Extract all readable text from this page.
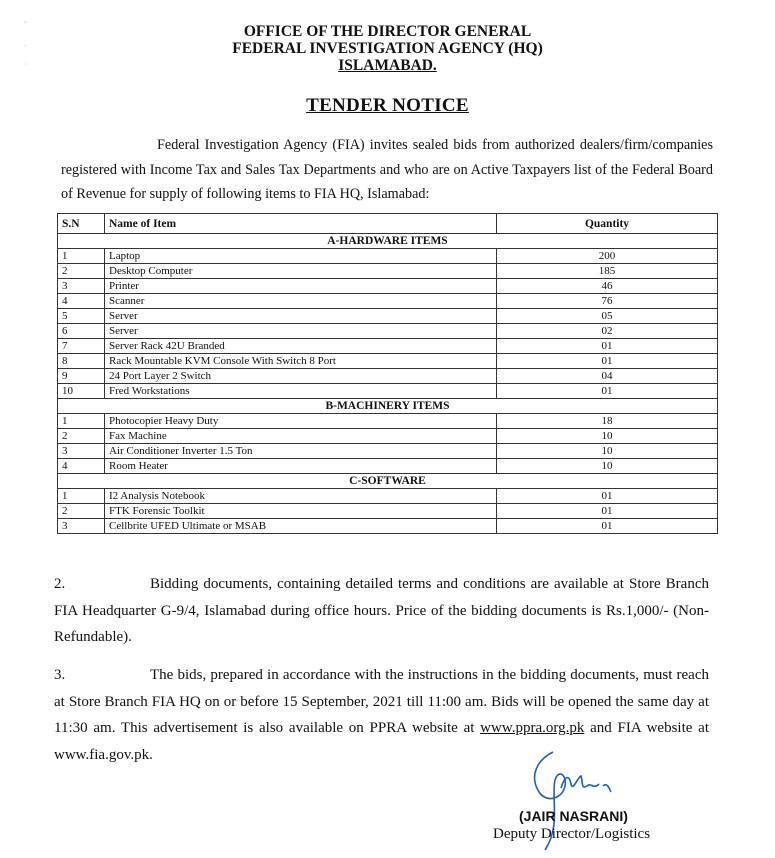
▫
·
·
OFFICE OF THE DIRECTOR GENERAL
FEDERAL INVESTIGATION AGENCY (HQ)
ISLAMABAD.
TENDER NOTICE
Federal Investigation Agency (FIA) invites sealed bids from authorized dealers/firm/companies registered with Income Tax and Sales Tax Departments and who are on Active Taxpayers list of the Federal Board of Revenue for supply of following items to FIA HQ, Islamabad:
S.N	Name of Item	Quantity
A-HARDWARE ITEMS		
1	Laptop	200
2	Desktop Computer	185
3	Printer	46
4	Scanner	76
5	Server	05
6	Server	02
7	Server Rack 42U Branded	01
8	Rack Mountable KVM Console With Switch 8 Port	01
9	24 Port Layer 2 Switch	04
10	Fred Workstations	01
B-MACHINERY ITEMS		
1	Photocopier Heavy Duty	18
2	Fax Machine	10
3	Air Conditioner Inverter 1.5 Ton	10
4	Room Heater	10
C-SOFTWARE		
1	I2 Analysis Notebook	01
2	FTK Forensic Toolkit	01
3	Cellbrite UFED Ultimate or MSAB	01
2.	Bidding documents, containing detailed terms and conditions are available at Store Branch FIA Headquarter G-9/4, Islamabad during office hours. Price of the bidding documents is Rs.1,000/- (Non-Refundable).
3.	The bids, prepared in accordance with the instructions in the bidding documents, must reach at Store Branch FIA HQ on or before 15 September, 2021 till 11:00 am. Bids will be opened the same day at 11:30 am. This advertisement is also available on PPRA website at www.ppra.org.pk and FIA website at www.fia.gov.pk.
(JAIR NASRANI)
Deputy Director/Logistics
